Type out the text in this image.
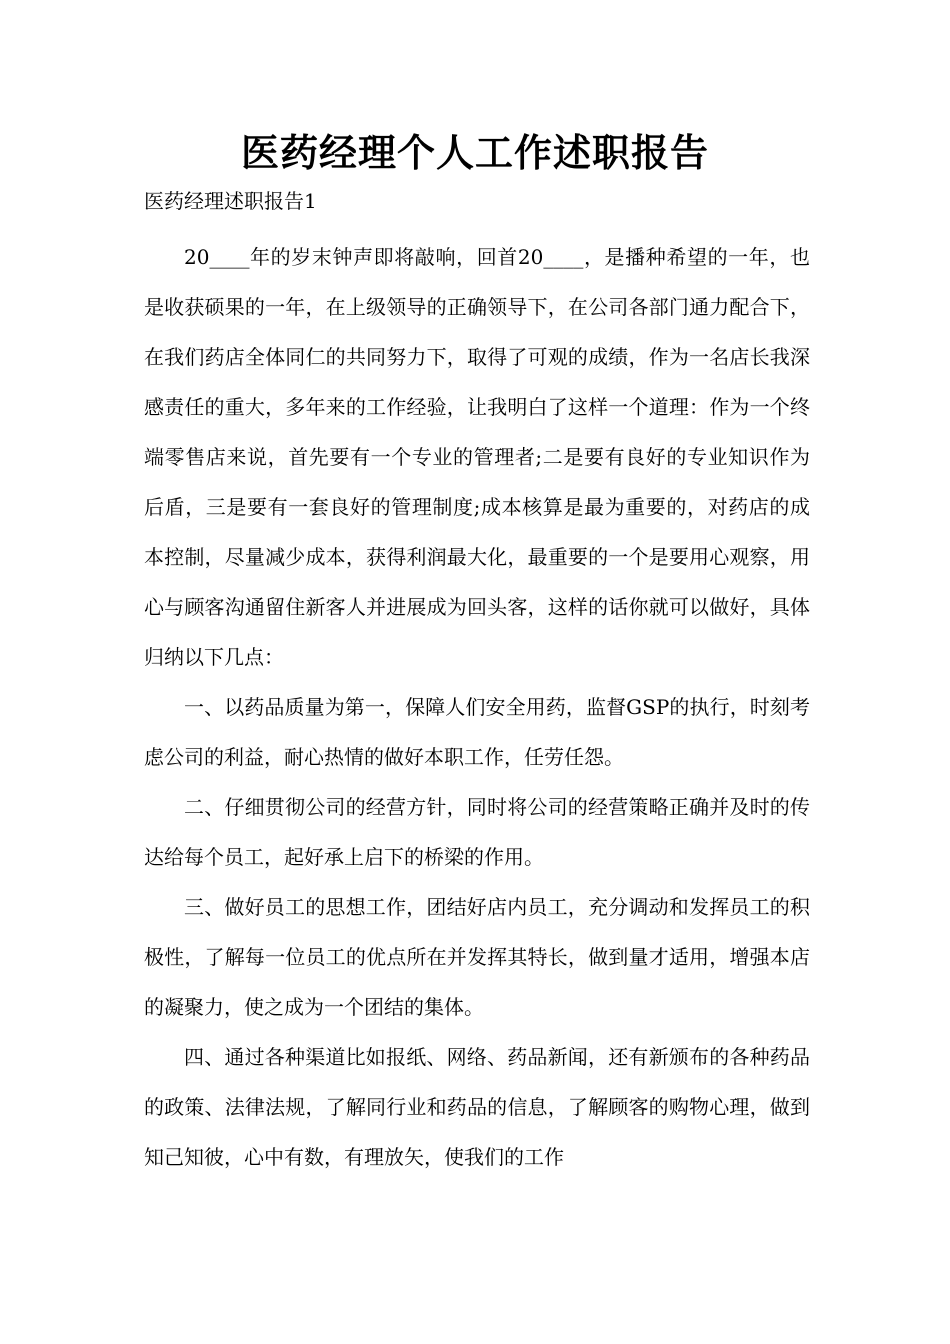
医药经理个人工作述职报告
医药经理述职报告1

20____年的岁末钟声即将敲响，回首20____，是播种希望的一年，也是收获硕果的一年，在上级领导的正确领导下，在公司各部门通力配合下，在我们药店全体同仁的共同努力下，取得了可观的成绩，作为一名店长我深感责任的重大，多年来的工作经验，让我明白了这样一个道理：作为一个终端零售店来说，首先要有一个专业的管理者;二是要有良好的专业知识作为后盾，三是要有一套良好的管理制度;成本核算是最为重要的，对药店的成本控制，尽量减少成本，获得利润最大化，最重要的一个是要用心观察，用心与顾客沟通留住新客人并进展成为回头客，这样的话你就可以做好，具体归纳以下几点：

一、以药品质量为第一，保障人们安全用药，监督GSP的执行，时刻考虑公司的利益，耐心热情的做好本职工作，任劳任怨。

二、仔细贯彻公司的经营方针，同时将公司的经营策略正确并及时的传达给每个员工，起好承上启下的桥梁的作用。

三、做好员工的思想工作，团结好店内员工，充分调动和发挥员工的积极性，了解每一位员工的优点所在并发挥其特长，做到量才适用，增强本店的凝聚力，使之成为一个团结的集体。

四、通过各种渠道比如报纸、网络、药品新闻，还有新颁布的各种药品的政策、法律法规，了解同行业和药品的信息，了解顾客的购物心理，做到知己知彼，心中有数，有理放矢，使我们的工作
